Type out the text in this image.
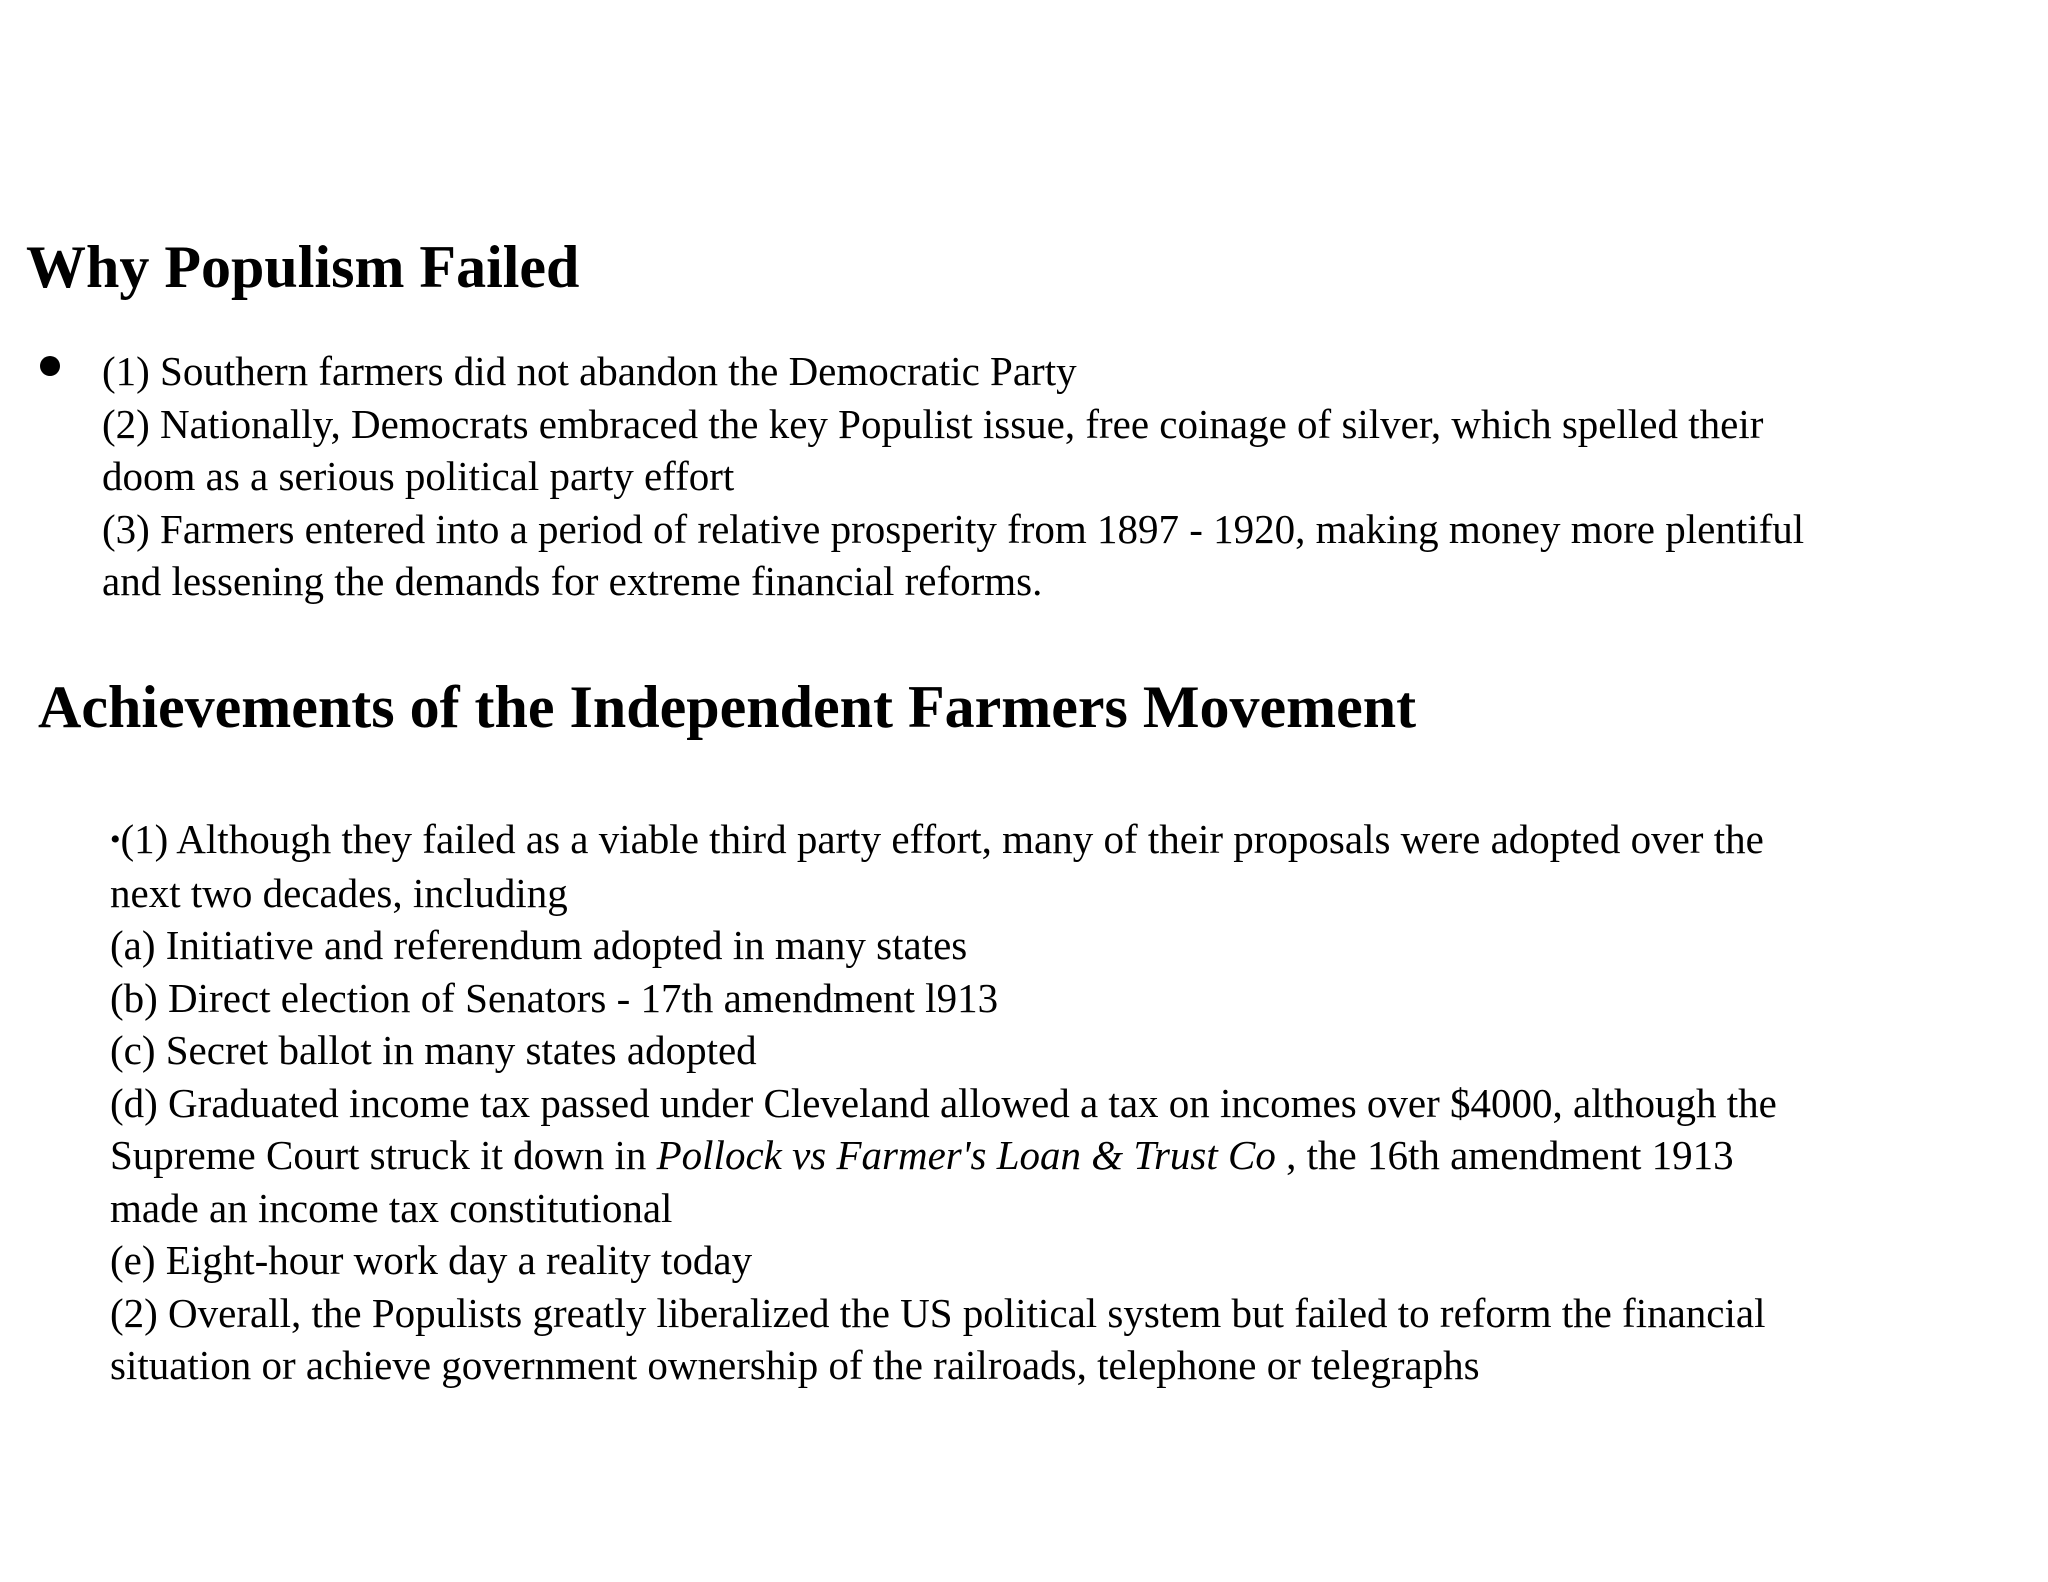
Why Populism Failed
(1) Southern farmers did not abandon the Democratic Party
(2) Nationally, Democrats embraced the key Populist issue, free coinage of silver, which spelled their
doom as a serious political party effort
(3) Farmers entered into a period of relative prosperity from 1897 - 1920, making money more plentiful
and lessening the demands for extreme financial reforms.
Achievements of the Independent Farmers Movement
•(1) Although they failed as a viable third party effort, many of their proposals were adopted over the
next two decades, including
(a) Initiative and referendum adopted in many states
(b) Direct election of Senators - 17th amendment l913
(c) Secret ballot in many states adopted
(d) Graduated income tax passed under Cleveland allowed a tax on incomes over $4000, although the
Supreme Court struck it down in Pollock vs Farmer's Loan & Trust Co , the 16th amendment 1913
made an income tax constitutional
(e) Eight-hour work day a reality today
(2) Overall, the Populists greatly liberalized the US political system but failed to reform the financial
situation or achieve government ownership of the railroads, telephone or telegraphs
